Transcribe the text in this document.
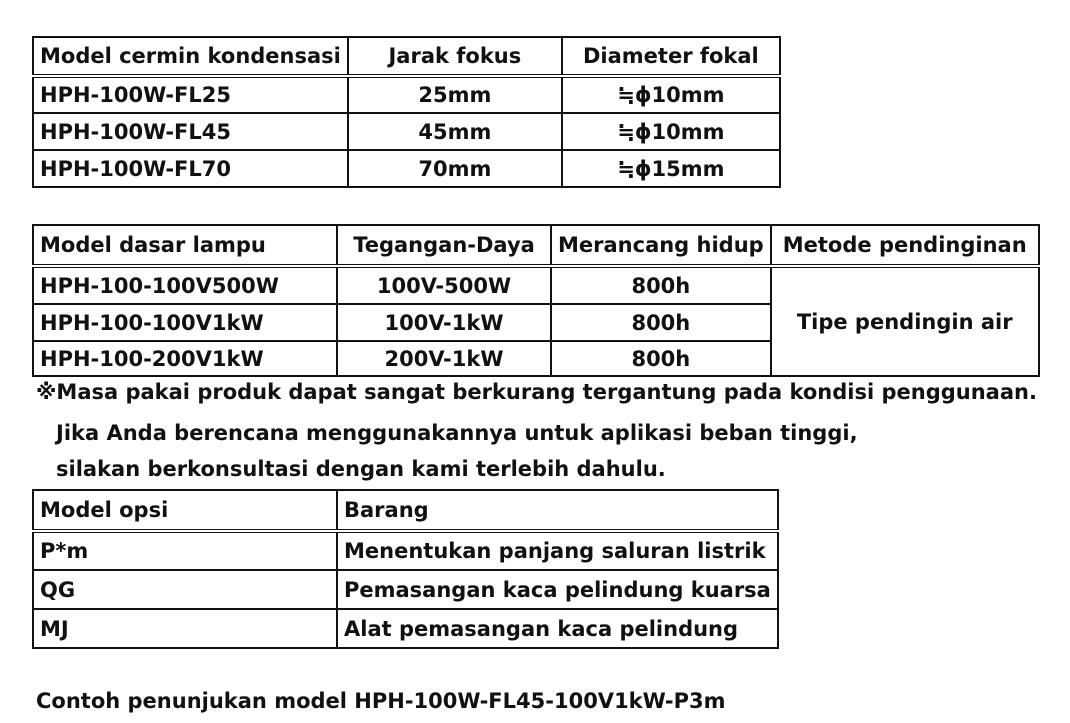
Model cermin kondensasi	Jarak fokus	Diameter fokal
HPH-100W-FL25	25mm	≒ϕ10mm
HPH-100W-FL45	45mm	≒ϕ10mm
HPH-100W-FL70	70mm	≒ϕ15mm
Model dasar lampu	Tegangan-Daya	Merancang hidup	Metode pendinginan
HPH-100-100V500W	100V-500W	800h	Tipe pendingin air
HPH-100-100V1kW	100V-1kW	800h	
HPH-100-200V1kW	200V-1kW	800h	
※Masa pakai produk dapat sangat berkurang tergantung pada kondisi penggunaan.
Jika Anda berencana menggunakannya untuk aplikasi beban tinggi,
silakan berkonsultasi dengan kami terlebih dahulu.
Model opsi	Barang
P*m	Menentukan panjang saluran listrik
QG	Pemasangan kaca pelindung kuarsa
MJ	Alat pemasangan kaca pelindung
Contoh penunjukan model HPH-100W-FL45-100V1kW-P3m
